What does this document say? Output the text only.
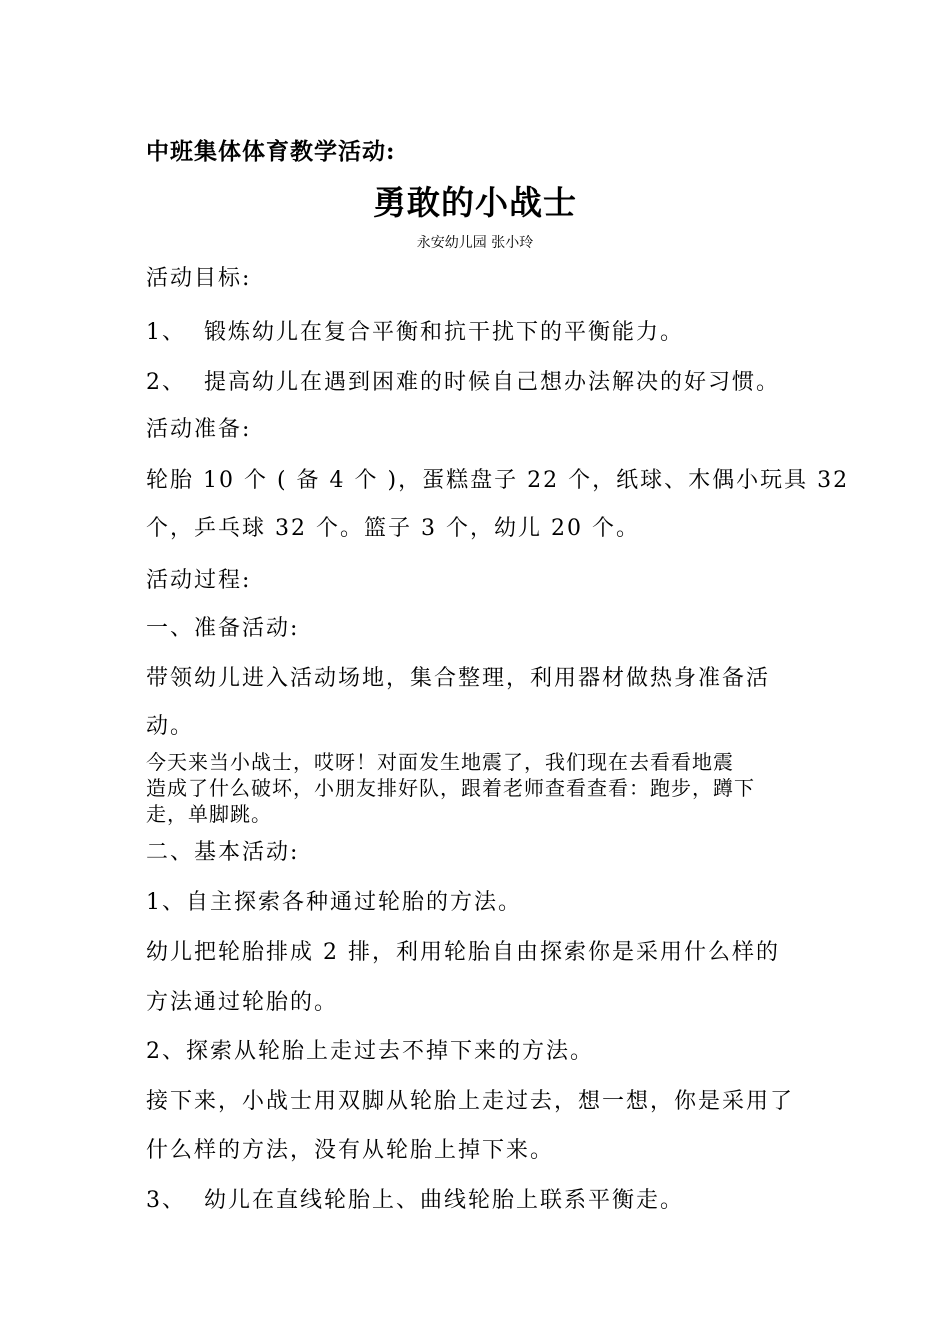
中班集体体育教学活动:
勇敢的小战士
永安幼儿园 张小玲
活动目标:
1、 锻炼幼儿在复合平衡和抗干扰下的平衡能力。
2、 提高幼儿在遇到困难的时候自己想办法解决的好习惯。
活动准备:
轮胎 10 个 ( 备 4 个 )，蛋糕盘子 22 个，纸球、木偶小玩具 32
个，乒乓球 32 个。篮子 3 个，幼儿 20 个。
活动过程:
一、准备活动:
带领幼儿进入活动场地，集合整理，利用器材做热身准备活
动。
今天来当小战士，哎呀！对面发生地震了，我们现在去看看地震
造成了什么破坏，小朋友排好队，跟着老师查看查看：跑步，蹲下
走，单脚跳。
二、基本活动:
1、自主探索各种通过轮胎的方法。
幼儿把轮胎排成 2 排，利用轮胎自由探索你是采用什么样的
方法通过轮胎的。
2、探索从轮胎上走过去不掉下来的方法。
接下来，小战士用双脚从轮胎上走过去，想一想，你是采用了
什么样的方法，没有从轮胎上掉下来。
3、 幼儿在直线轮胎上、曲线轮胎上联系平衡走。
